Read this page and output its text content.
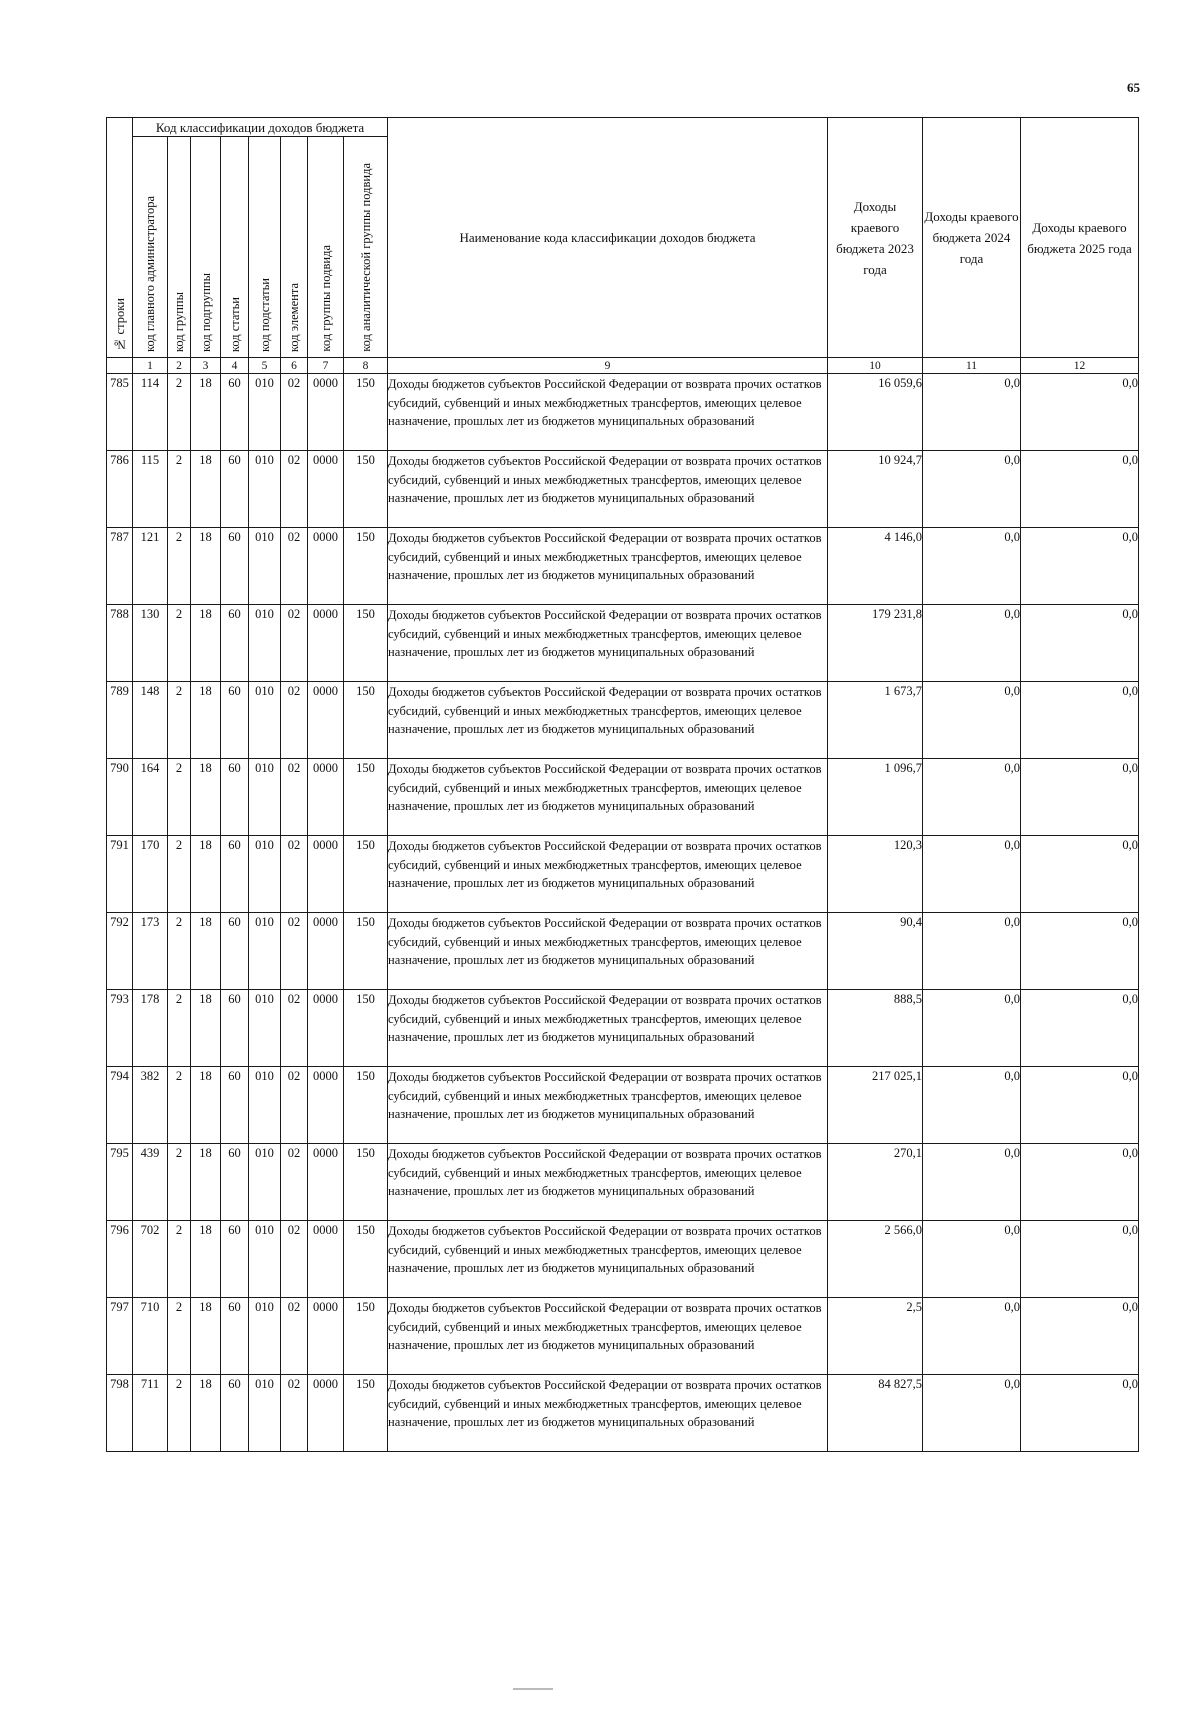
65
№ строки	Код классификации доходов бюджета								Наименование кода классификации доходов бюджета	Доходы краевого бюджета 2023 года	Доходы краевого бюджета 2024 года	Доходы краевого бюджета 2025 года
	код главного администратора	код группы	код подгруппы	код статьи	код подстатьи	код элемента	код группы подвида	код аналитической группы подвида				
	1	2	3	4	5	6	7	8	9	10	11	12
785	114	2	18	60	010	02	0000	150	Доходы бюджетов субъектов Российской Федерации от возврата прочих остатков субсидий, субвенций и иных межбюджетных трансфертов, имеющих целевое назначение, прошлых лет из бюджетов муниципальных образований	16 059,6	0,0	0,0
786	115	2	18	60	010	02	0000	150	Доходы бюджетов субъектов Российской Федерации от возврата прочих остатков субсидий, субвенций и иных межбюджетных трансфертов, имеющих целевое назначение, прошлых лет из бюджетов муниципальных образований	10 924,7	0,0	0,0
787	121	2	18	60	010	02	0000	150	Доходы бюджетов субъектов Российской Федерации от возврата прочих остатков субсидий, субвенций и иных межбюджетных трансфертов, имеющих целевое назначение, прошлых лет из бюджетов муниципальных образований	4 146,0	0,0	0,0
788	130	2	18	60	010	02	0000	150	Доходы бюджетов субъектов Российской Федерации от возврата прочих остатков субсидий, субвенций и иных межбюджетных трансфертов, имеющих целевое назначение, прошлых лет из бюджетов муниципальных образований	179 231,8	0,0	0,0
789	148	2	18	60	010	02	0000	150	Доходы бюджетов субъектов Российской Федерации от возврата прочих остатков субсидий, субвенций и иных межбюджетных трансфертов, имеющих целевое назначение, прошлых лет из бюджетов муниципальных образований	1 673,7	0,0	0,0
790	164	2	18	60	010	02	0000	150	Доходы бюджетов субъектов Российской Федерации от возврата прочих остатков субсидий, субвенций и иных межбюджетных трансфертов, имеющих целевое назначение, прошлых лет из бюджетов муниципальных образований	1 096,7	0,0	0,0
791	170	2	18	60	010	02	0000	150	Доходы бюджетов субъектов Российской Федерации от возврата прочих остатков субсидий, субвенций и иных межбюджетных трансфертов, имеющих целевое назначение, прошлых лет из бюджетов муниципальных образований	120,3	0,0	0,0
792	173	2	18	60	010	02	0000	150	Доходы бюджетов субъектов Российской Федерации от возврата прочих остатков субсидий, субвенций и иных межбюджетных трансфертов, имеющих целевое назначение, прошлых лет из бюджетов муниципальных образований	90,4	0,0	0,0
793	178	2	18	60	010	02	0000	150	Доходы бюджетов субъектов Российской Федерации от возврата прочих остатков субсидий, субвенций и иных межбюджетных трансфертов, имеющих целевое назначение, прошлых лет из бюджетов муниципальных образований	888,5	0,0	0,0
794	382	2	18	60	010	02	0000	150	Доходы бюджетов субъектов Российской Федерации от возврата прочих остатков субсидий, субвенций и иных межбюджетных трансфертов, имеющих целевое назначение, прошлых лет из бюджетов муниципальных образований	217 025,1	0,0	0,0
795	439	2	18	60	010	02	0000	150	Доходы бюджетов субъектов Российской Федерации от возврата прочих остатков субсидий, субвенций и иных межбюджетных трансфертов, имеющих целевое назначение, прошлых лет из бюджетов муниципальных образований	270,1	0,0	0,0
796	702	2	18	60	010	02	0000	150	Доходы бюджетов субъектов Российской Федерации от возврата прочих остатков субсидий, субвенций и иных межбюджетных трансфертов, имеющих целевое назначение, прошлых лет из бюджетов муниципальных образований	2 566,0	0,0	0,0
797	710	2	18	60	010	02	0000	150	Доходы бюджетов субъектов Российской Федерации от возврата прочих остатков субсидий, субвенций и иных межбюджетных трансфертов, имеющих целевое назначение, прошлых лет из бюджетов муниципальных образований	2,5	0,0	0,0
798	711	2	18	60	010	02	0000	150	Доходы бюджетов субъектов Российской Федерации от возврата прочих остатков субсидий, субвенций и иных межбюджетных трансфертов, имеющих целевое назначение, прошлых лет из бюджетов муниципальных образований	84 827,5	0,0	0,0
